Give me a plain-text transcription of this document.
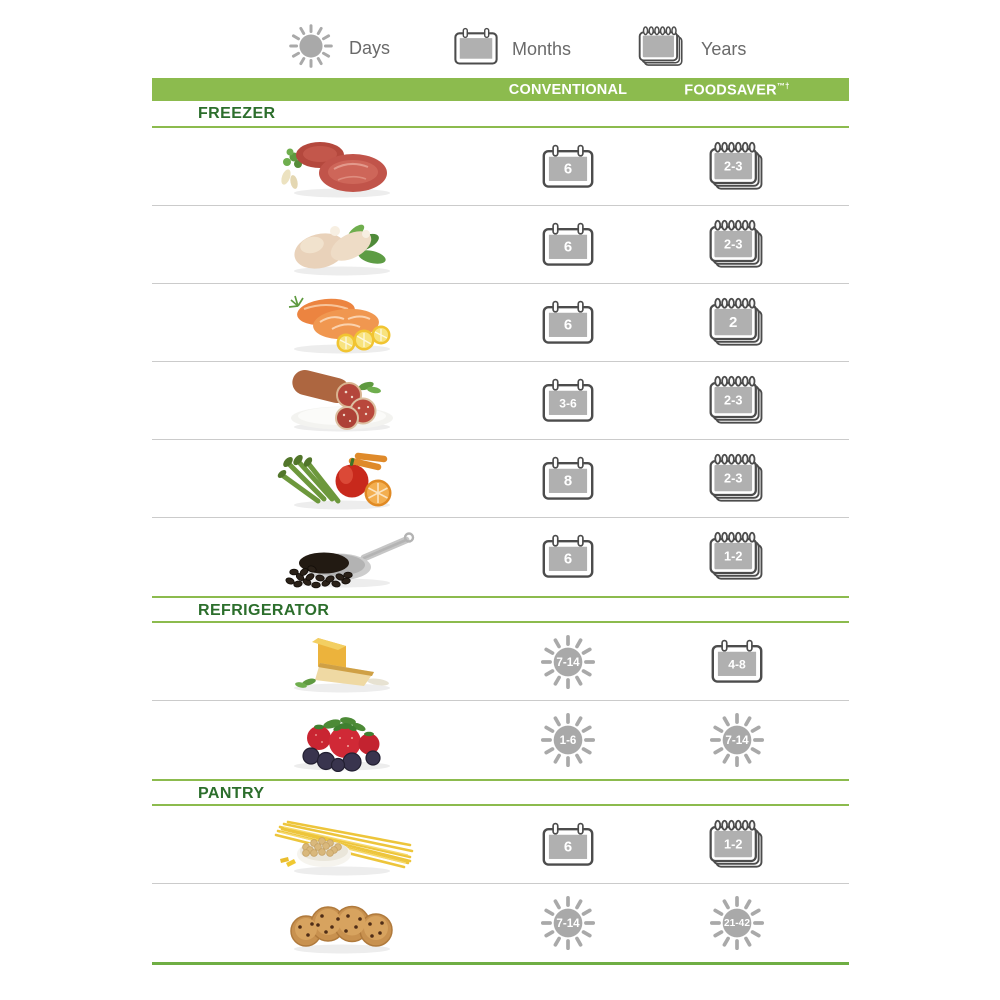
Days	Months	Years
CONVENTIONAL	FOODSAVER™†
FREEZER
6	2-3
6	2-3
6	2
3-6	2-3
8	2-3
6	1-2
REFRIGERATOR
7-14	4-8
1-6	7-14
PANTRY
6	1-2
7-14	21-42
